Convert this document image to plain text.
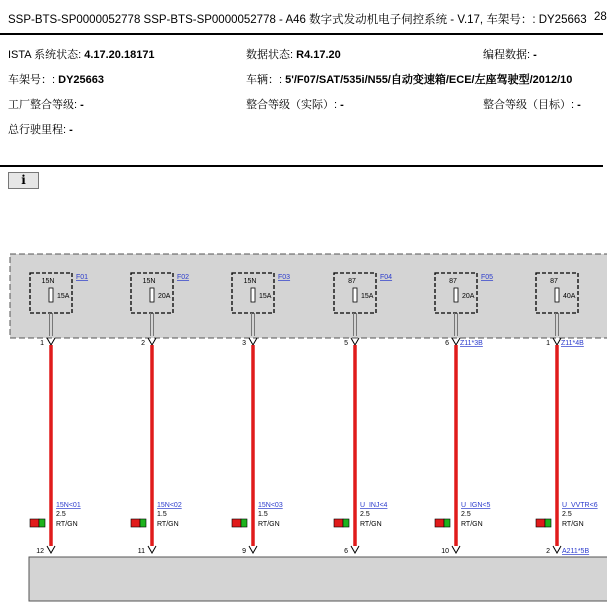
SSP-BTS-SP0000052778 SSP-BTS-SP0000052778 - A46 数字式发动机电子伺控系统 - V.17, 车架号：: DY25663 28
ISTA 系统状态: 4.17.20.18171	数据状态: R4.17.20	编程数据: -
车架号：: DY25663	车辆：: 5'/F07/SAT/535i/N55/自动变速箱/ECE/左座驾驶型/2012/10
工厂整合等级: -	整合等级（实际）: -	整合等级（目标）: -
总行驶里程: -
i
15N
15A
F01
1
15N<01
2.5
RT/GN
12
15N
20A
F02
2
15N<02
1.5
RT/GN
11
15N
15A
F03
3
15N<03
1.5
RT/GN
9
87
15A
F04
5
U_INJ<4
2.5
RT/GN
6
87
20A
F05
6 Z11*3B
U_IGN<5
2.5
RT/GN
10
87
40A
1 Z11*4B
U_VVTR<6
2.5
RT/GN
2 A211*5B
